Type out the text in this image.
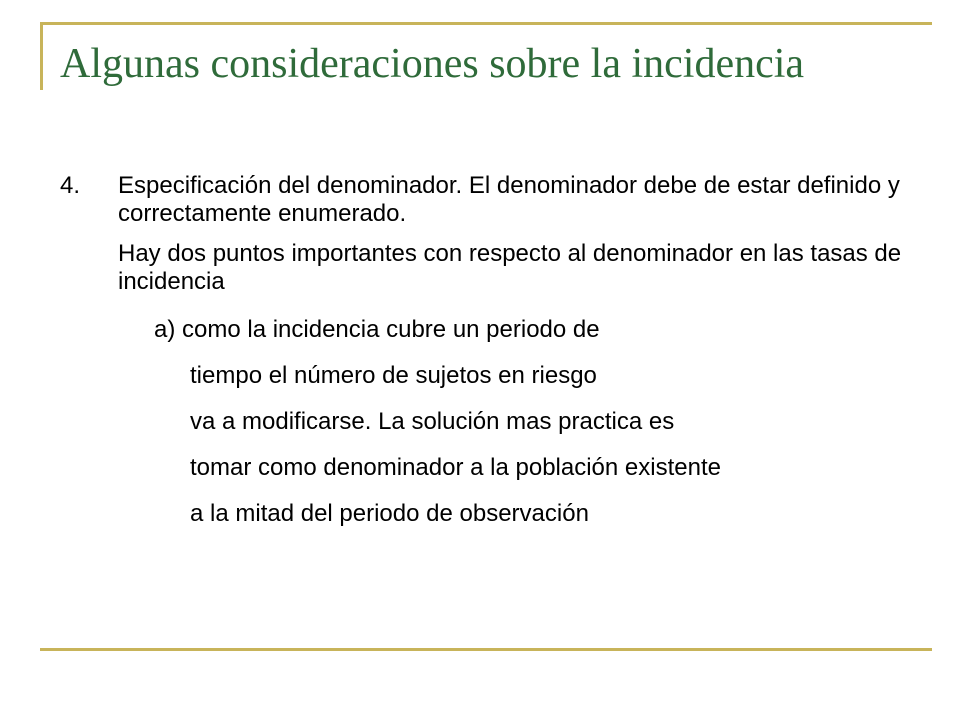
Algunas consideraciones sobre la incidencia
4.	Especificación del denominador. El denominador debe de estar definido y correctamente enumerado.

Hay dos puntos importantes con respecto al denominador en las tasas de incidencia

a) como la incidencia cubre un periodo de

tiempo el número de sujetos en riesgo

va a modificarse. La solución mas practica es

tomar como denominador a la población existente

a la mitad del periodo de observación
